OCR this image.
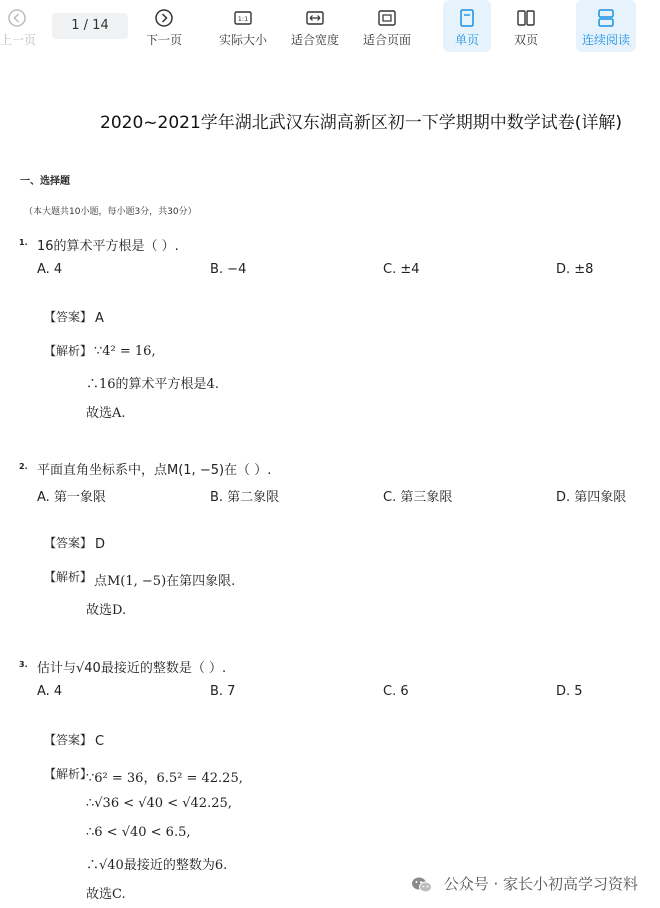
上一页
1 / 14
下一页
1:1
实际大小	适合宽度	适合页面	单页	双页	连续阅读
2020~2021学年湖北武汉东湖高新区初一下学期期中数学试卷(详解)
一、选择题
（本大题共10小题，每小题3分，共30分）
1. 16的算术平方根是（ ）.
A. 4	B. −4	C. ±4	D. ±8
【答案】 A
【解析】 ∵4² = 16,
∴16的算术平方根是4.
故选A.
2. 平面直角坐标系中，点M(1, −5)在（ ）.
A. 第一象限	B. 第二象限	C. 第三象限	D. 第四象限
【答案】 D
【解析】 点M(1, −5)在第四象限.
故选D.
3. 估计与√40最接近的整数是（ ）.
A. 4	B. 7	C. 6	D. 5
【答案】 C
【解析】
∵6² = 36，6.5² = 42.25,
∴√36 < √40 < √42.25,
∴6 < √40 < 6.5,
∴√40最接近的整数为6.
故选C.
公众号 · 家长小初高学习资料
